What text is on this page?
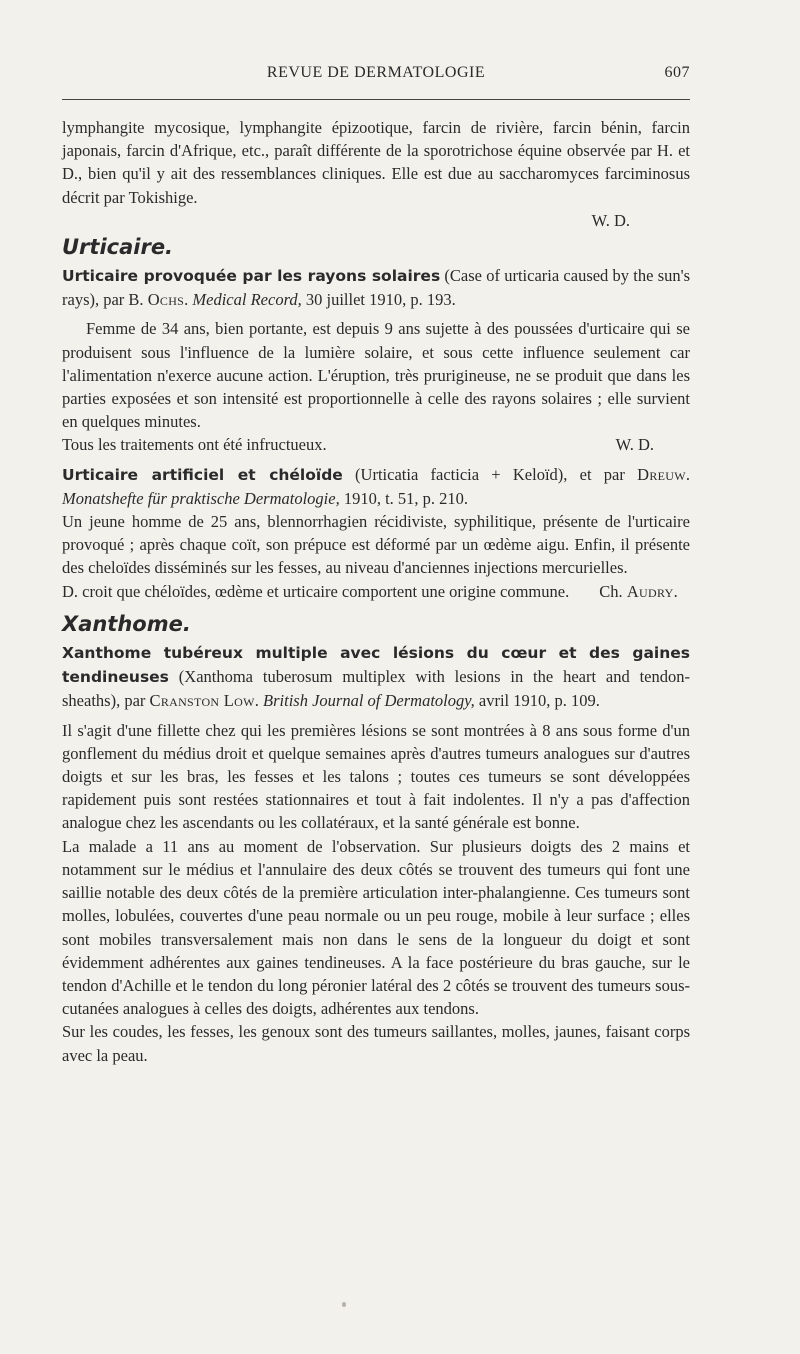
REVUE DE DERMATOLOGIE	607

lymphangite mycosique, lymphangite épizootique, farcin de rivière, farcin bénin, farcin japonais, farcin d'Afrique, etc., paraît différente de la sporotrichose équine observée par H. et D., bien qu'il y ait des ressemblances cliniques. Elle est due au saccharomyces farciminosus décrit par Tokishige.

W. D.

Urticaire.

Urticaire provoquée par les rayons solaires (Case of urticaria caused by the sun's rays), par B. Ochs. Medical Record, 30 juillet 1910, p. 193.

Femme de 34 ans, bien portante, est depuis 9 ans sujette à des poussées d'urticaire qui se produisent sous l'influence de la lumière solaire, et sous cette influence seulement car l'alimentation n'exerce aucune action. L'éruption, très prurigineuse, ne se produit que dans les parties exposées et son intensité est proportionnelle à celle des rayons solaires ; elle survient en quelques minutes.

Tous les traitements ont été infructueux.	W. D.

Urticaire artificiel et chéloïde (Urticatia facticia + Keloïd), et par Dreuw. Monatshefte für praktische Dermatologie, 1910, t. 51, p. 210.

Un jeune homme de 25 ans, blennorrhagien récidiviste, syphilitique, présente de l'urticaire provoqué ; après chaque coït, son prépuce est déformé par un œdème aigu. Enfin, il présente des cheloïdes disséminés sur les fesses, au niveau d'anciennes injections mercurielles.

D. croit que chéloïdes, œdème et urticaire comportent une origine commune.	Ch. Audry.

Xanthome.

Xanthome tubéreux multiple avec lésions du cœur et des gaines tendineuses (Xanthoma tuberosum multiplex with lesions in the heart and tendon-sheaths), par Cranston Low. British Journal of Dermatology, avril 1910, p. 109.

Il s'agit d'une fillette chez qui les premières lésions se sont montrées à 8 ans sous forme d'un gonflement du médius droit et quelque semaines après d'autres tumeurs analogues sur d'autres doigts et sur les bras, les fesses et les talons ; toutes ces tumeurs se sont développées rapidement puis sont restées stationnaires et tout à fait indolentes. Il n'y a pas d'affection analogue chez les ascendants ou les collatéraux, et la santé générale est bonne.

La malade a 11 ans au moment de l'observation. Sur plusieurs doigts des 2 mains et notamment sur le médius et l'annulaire des deux côtés se trouvent des tumeurs qui font une saillie notable des deux côtés de la première articulation inter-phalangienne. Ces tumeurs sont molles, lobulées, couvertes d'une peau normale ou un peu rouge, mobile à leur surface ; elles sont mobiles transversalement mais non dans le sens de la longueur du doigt et sont évidemment adhérentes aux gaines tendineuses. A la face postérieure du bras gauche, sur le tendon d'Achille et le tendon du long péronier latéral des 2 côtés se trouvent des tumeurs sous-cutanées analogues à celles des doigts, adhérentes aux tendons.

Sur les coudes, les fesses, les genoux sont des tumeurs saillantes, molles, jaunes, faisant corps avec la peau.
